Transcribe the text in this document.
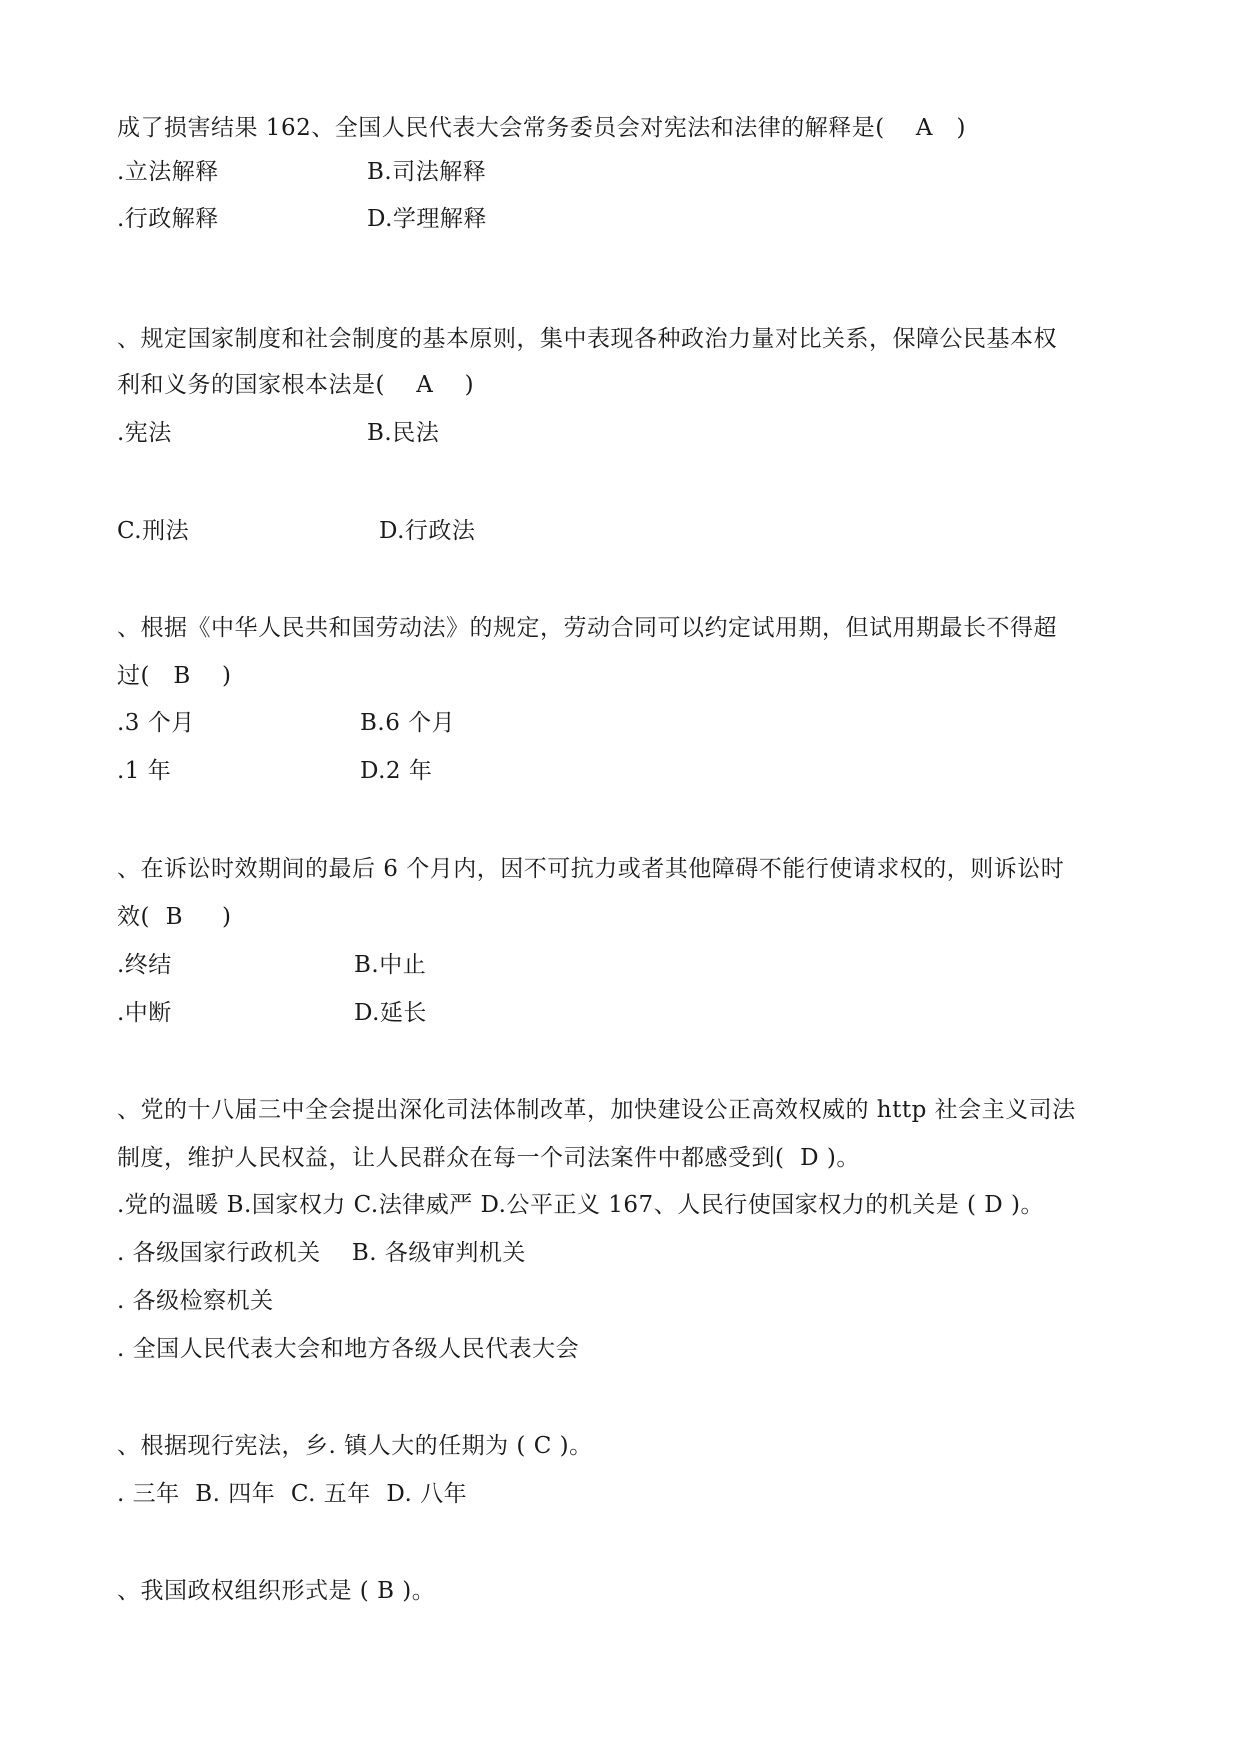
成了损害结果 162、全国人民代表大会常务委员会对宪法和法律的解释是(    A   )
.立法解释	B.司法解释
.行政解释	D.学理解释
、规定国家制度和社会制度的基本原则，集中表现各种政治力量对比关系，保障公民基本权
利和义务的国家根本法是(    A    )
.宪法	B.民法
C.刑法	D.行政法
、根据《中华人民共和国劳动法》的规定，劳动合同可以约定试用期，但试用期最长不得超
过(   B    )
.3 个月	B.6 个月
.1 年	D.2 年
、在诉讼时效期间的最后 6 个月内，因不可抗力或者其他障碍不能行使请求权的，则诉讼时
效(  B     )
.终结	B.中止
.中断	D.延长
、党的十八届三中全会提出深化司法体制改革，加快建设公正高效权威的 http 社会主义司法
制度，维护人民权益，让人民群众在每一个司法案件中都感受到(  D )。
.党的温暖 B.国家权力 C.法律威严 D.公平正义 167、人民行使国家权力的机关是 ( D )。
. 各级国家行政机关    B. 各级审判机关
. 各级检察机关
. 全国人民代表大会和地方各级人民代表大会
、根据现行宪法，乡. 镇人大的任期为 ( C )。
. 三年  B. 四年  C. 五年  D. 八年
、我国政权组织形式是 ( B )。
